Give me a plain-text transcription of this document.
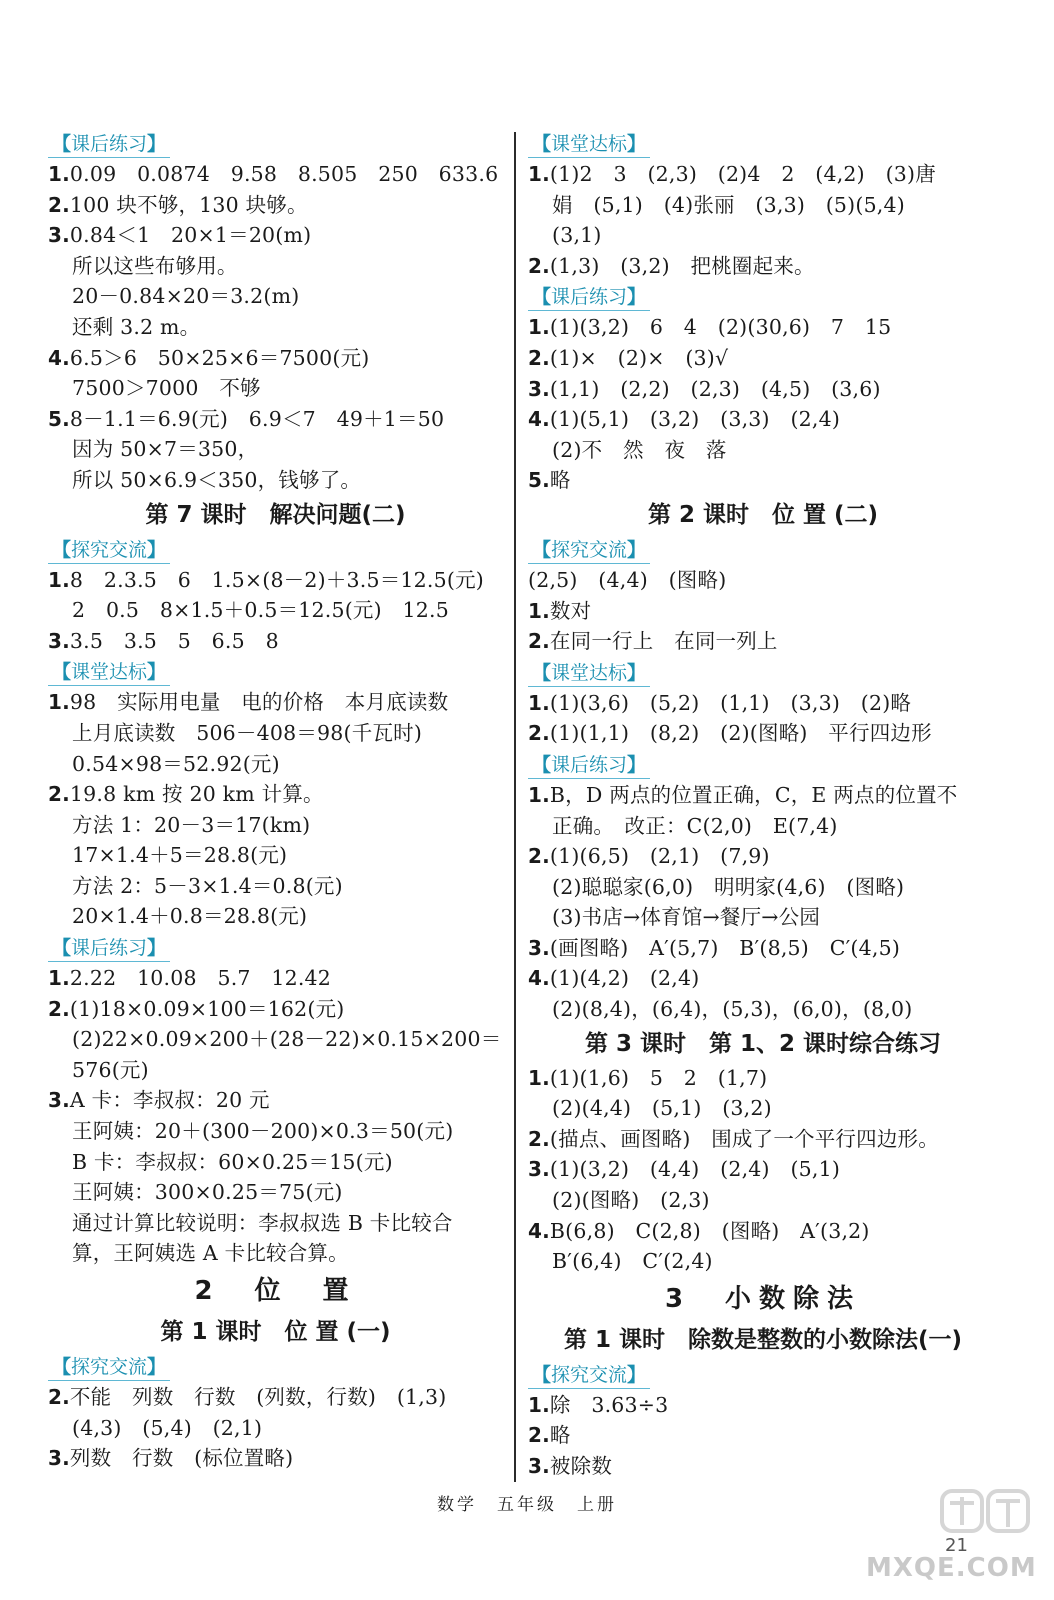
【课后练习】
1.0.09　0.0874　9.58　8.505　250　633.6
2.100 块不够，130 块够。
3.0.84＜1　20×1＝20(m)
所以这些布够用。
20－0.84×20＝3.2(m)
还剩 3.2 m。
4.6.5＞6　50×25×6＝7500(元)
7500＞7000　不够
5.8－1.1＝6.9(元)　6.9＜7　49＋1＝50
因为 50×7＝350，
所以 50×6.9＜350，钱够了。
第 7 课时　解决问题(二)
【探究交流】
1.8　2.3.5　6　1.5×(8－2)＋3.5＝12.5(元)
2　0.5　8×1.5＋0.5＝12.5(元)　12.5
3.3.5　3.5　5　6.5　8
【课堂达标】
1.98　实际用电量　电的价格　本月底读数
上月底读数　506－408＝98(千瓦时)
0.54×98＝52.92(元)
2.19.8 km 按 20 km 计算。
方法 1：20－3＝17(km)
17×1.4＋5＝28.8(元)
方法 2：5－3×1.4＝0.8(元)
20×1.4＋0.8＝28.8(元)
【课后练习】
1.2.22　10.08　5.7　12.42
2.(1)18×0.09×100＝162(元)
(2)22×0.09×200＋(28－22)×0.15×200＝
576(元)
3.A 卡：李叔叔：20 元
王阿姨：20＋(300－200)×0.3＝50(元)
B 卡：李叔叔：60×0.25＝15(元)
王阿姨：300×0.25＝75(元)
通过计算比较说明：李叔叔选 B 卡比较合
算，王阿姨选 A 卡比较合算。
2　位　置
第 1 课时　位 置 (一)
【探究交流】
2.不能　列数　行数　(列数，行数)　(1,3)
(4,3)　(5,4)　(2,1)
3.列数　行数　(标位置略)
【课堂达标】
1.(1)2　3　(2,3)　(2)4　2　(4,2)　(3)唐
娟　(5,1)　(4)张丽　(3,3)　(5)(5,4)
(3,1)
2.(1,3)　(3,2)　把桃圈起来。
【课后练习】
1.(1)(3,2)　6　4　(2)(30,6)　7　15
2.(1)×　(2)×　(3)√
3.(1,1)　(2,2)　(2,3)　(4,5)　(3,6)
4.(1)(5,1)　(3,2)　(3,3)　(2,4)
(2)不　然　夜　落
5.略
第 2 课时　位 置 (二)
【探究交流】
(2,5)　(4,4)　(图略)
1.数对
2.在同一行上　在同一列上
【课堂达标】
1.(1)(3,6)　(5,2)　(1,1)　(3,3)　(2)略
2.(1)(1,1)　(8,2)　(2)(图略)　平行四边形
【课后练习】
1.B，D 两点的位置正确，C，E 两点的位置不
正确。　改正：C(2,0)　E(7,4)
2.(1)(6,5)　(2,1)　(7,9)
(2)聪聪家(6,0)　明明家(4,6)　(图略)
(3)书店→体育馆→餐厅→公园
3.(画图略)　A′(5,7)　B′(8,5)　C′(4,5)
4.(1)(4,2)　(2,4)
(2)(8,4)，(6,4)，(5,3)，(6,0)，(8,0)
第 3 课时　第 1、2 课时综合练习
1.(1)(1,6)　5　2　(1,7)
(2)(4,4)　(5,1)　(3,2)
2.(描点、画图略)　围成了一个平行四边形。
3.(1)(3,2)　(4,4)　(2,4)　(5,1)
(2)(图略)　(2,3)
4.B(6,8)　C(2,8)　(图略)　A′(3,2)
B′(6,4)　C′(2,4)
3　小数除法
第 1 课时　除数是整数的小数除法(一)
【探究交流】
1.除　3.63÷3
2.略
3.被除数
数学　五年级　上册
21
MXQE.COM
